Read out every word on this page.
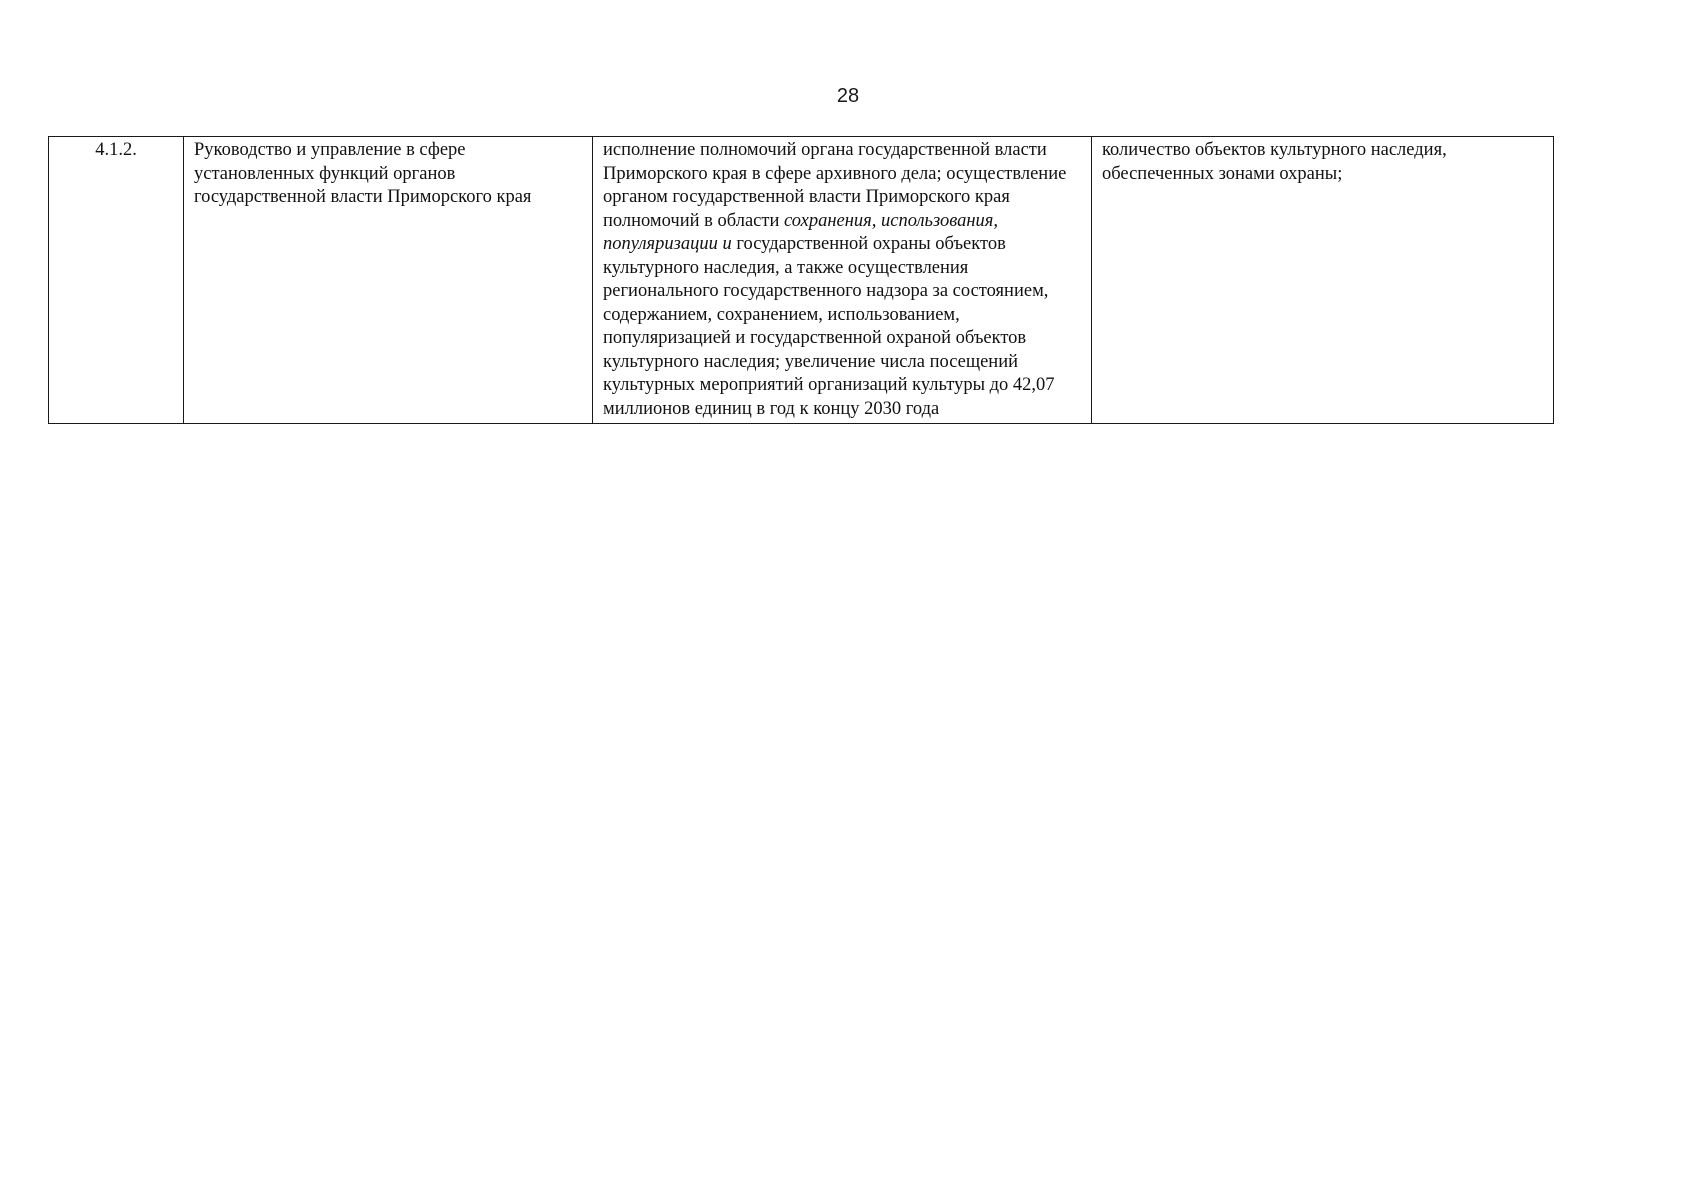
28
4.1.2.	Руководство и управление в сфере установленных функций органов государственной власти Приморского края	исполнение полномочий органа государственной власти Приморского края в сфере архивного дела; осуществление органом государственной власти Приморского края полномочий в области сохранения, использования, популяризации и государственной охраны объектов культурного наследия, а также осуществления регионального государственного надзора за состоянием, содержанием, сохранением, использованием, популяризацией и государственной охраной объектов культурного наследия; увеличение числа посещений культурных мероприятий организаций культуры до 42,07 миллионов единиц в год к концу 2030 года	количество объектов культурного наследия, обеспеченных зонами охраны;
